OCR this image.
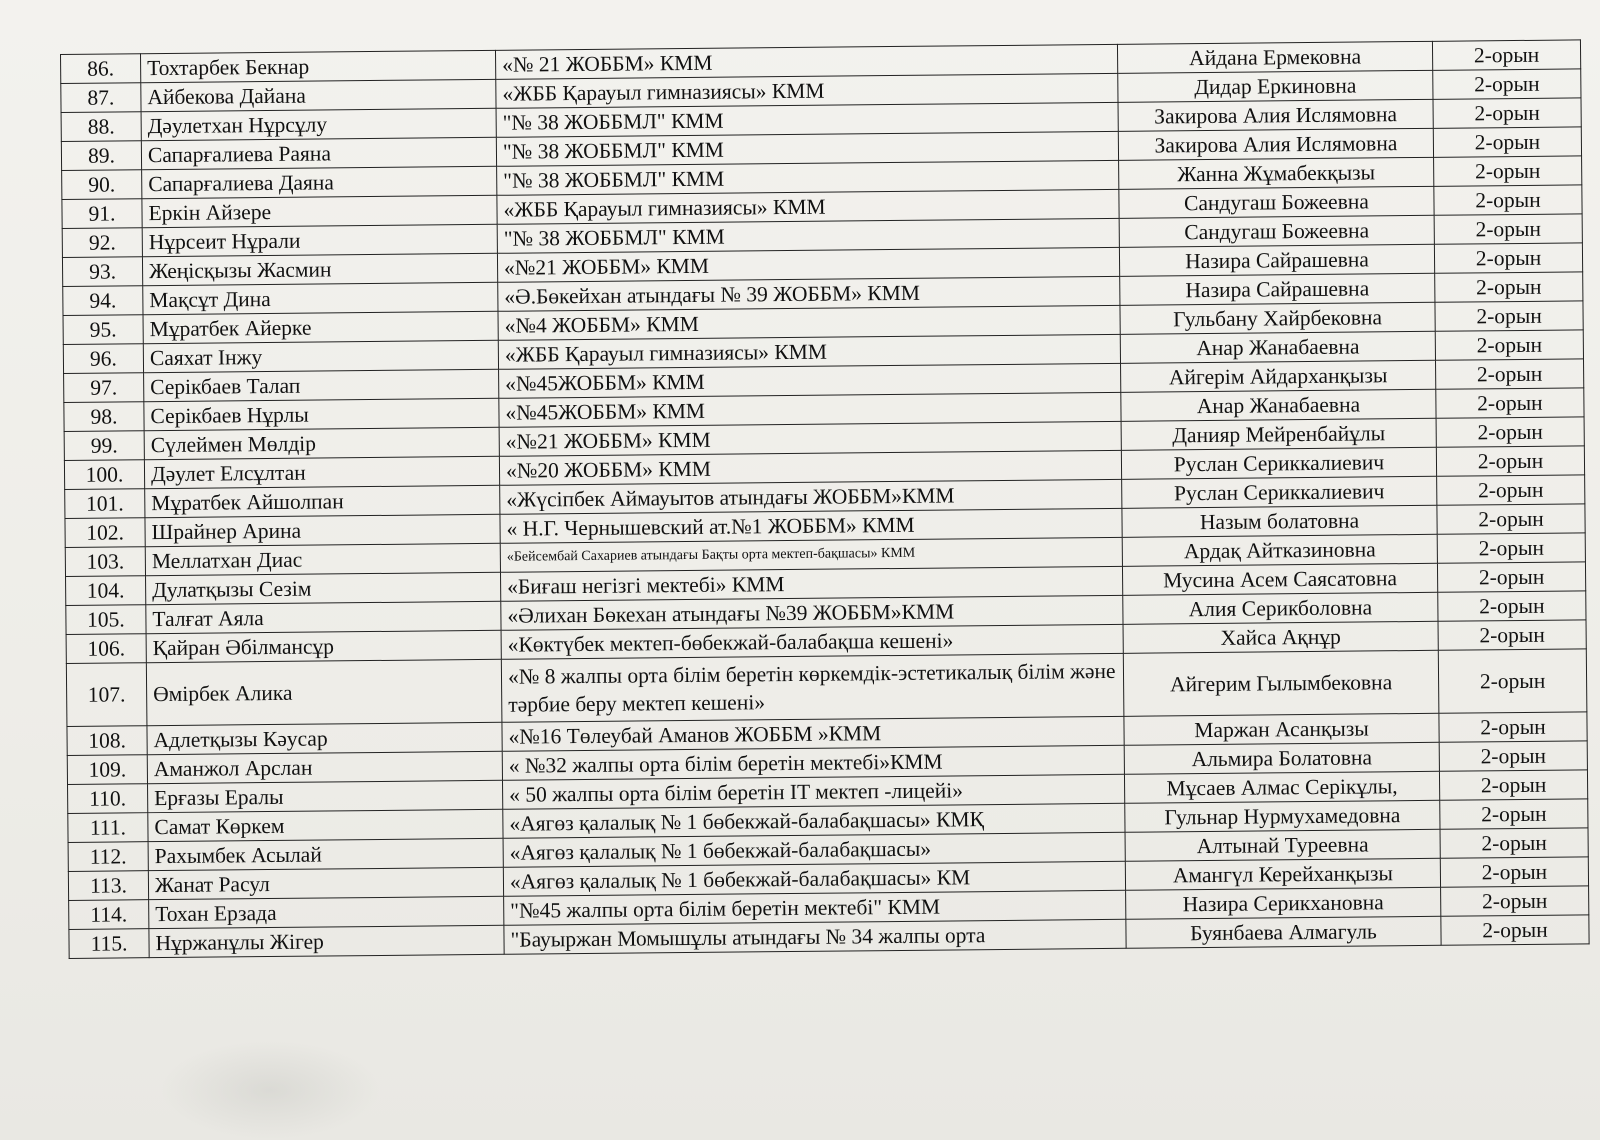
86.	Тохтарбек Бекнар	«№ 21 ЖОББМ» КММ	Айдана Ермековна	2-орын
87.	Айбекова Дайана	«ЖББ Қарауыл гимназиясы» КММ	Дидар Еркиновна	2-орын
88.	Дәулетхан Нұрсұлу	"№ 38 ЖОББМЛ" КММ	Закирова Алия Ислямовна	2-орын
89.	Сапарғалиева Раяна	"№ 38 ЖОББМЛ" КММ	Закирова Алия Ислямовна	2-орын
90.	Сапарғалиева Даяна	"№ 38 ЖОББМЛ" КММ	Жанна Жұмабекқызы	2-орын
91.	Еркін Айзере	«ЖББ Қарауыл гимназиясы» КММ	Сандугаш Божеевна	2-орын
92.	Нұрсеит Нұрали	"№ 38 ЖОББМЛ" КММ	Сандугаш Божеевна	2-орын
93.	Жеңісқызы Жасмин	«№21 ЖОББМ» КММ	Назира Сайрашевна	2-орын
94.	Мақсұт Дина	«Ә.Бөкейхан атындағы № 39 ЖОББМ» КММ	Назира Сайрашевна	2-орын
95.	Мұратбек Айерке	«№4 ЖОББМ» КММ	Гульбану Хайрбековна	2-орын
96.	Саяхат Інжу	«ЖББ Қарауыл гимназиясы» КММ	Анар Жанабаевна	2-орын
97.	Серікбаев Талап	«№45ЖОББМ» КММ	Айгерім Айдарханқызы	2-орын
98.	Серікбаев Нұрлы	«№45ЖОББМ» КММ	Анар Жанабаевна	2-орын
99.	Сүлеймен Мөлдір	«№21 ЖОББМ» КММ	Данияр Мейренбайұлы	2-орын
100.	Дәулет Елсұлтан	«№20 ЖОББМ» КММ	Руслан Сериккалиевич	2-орын
101.	Мұратбек Айшолпан	«Жүсіпбек Аймауытов атындағы ЖОББМ»КММ	Руслан Сериккалиевич	2-орын
102.	Шрайнер Арина	« Н.Г. Чернышевский ат.№1 ЖОББМ» КММ	Назым болатовна	2-орын
103.	Меллатхан Диас	«Бейсембай Сахариев атындағы Бақты орта мектеп-бақшасы» КММ	Ардақ Айтказиновна	2-орын
104.	Дулатқызы Сезім	«Биғаш негізгі мектебі» КММ	Мусина Асем Саясатовна	2-орын
105.	Талғат Аяла	«Әлихан Бөкехан атындағы №39 ЖОББМ»КММ	Алия Серикболовна	2-орын
106.	Қайран Әбілмансұр	«Көктүбек мектеп-бөбекжай-балабақша кешені»	Хайса Ақнұр	2-орын
107.	Өмірбек Алика	«№ 8 жалпы орта білім беретін көркемдік-эстетикалық білім және тәрбие беру мектеп кешені»	Айгерим Гылымбековна	2-орын
108.	Адлетқызы Кәусар	«№16 Төлеубай Аманов ЖОББМ »КММ	Маржан Асанқызы	2-орын
109.	Аманжол Арслан	« №32 жалпы орта білім беретін мектебі»КММ	Альмира Болатовна	2-орын
110.	Ерғазы Ералы	« 50 жалпы орта білім беретін IT мектеп -лицейі»	Мұсаев Алмас Серікұлы,	2-орын
111.	Самат Көркем	«Аягөз қалалық № 1 бөбекжай-балабақшасы» КМҚ	Гульнар Нурмухамедовна	2-орын
112.	Рахымбек Асылай	«Аягөз қалалық № 1 бөбекжай-балабақшасы»	Алтынай Туреевна	2-орын
113.	Жанат Расул	«Аягөз қалалық № 1 бөбекжай-балабақшасы» КМ	Амангүл Керейханқызы	2-орын
114.	Тохан Ерзада	"№45 жалпы орта білім беретін мектебі" КММ	Назира Серикхановна	2-орын
115.	Нұржанұлы Жігер	"Бауыржан Момышұлы атындағы № 34 жалпы орта	Буянбаева Алмагуль	2-орын
